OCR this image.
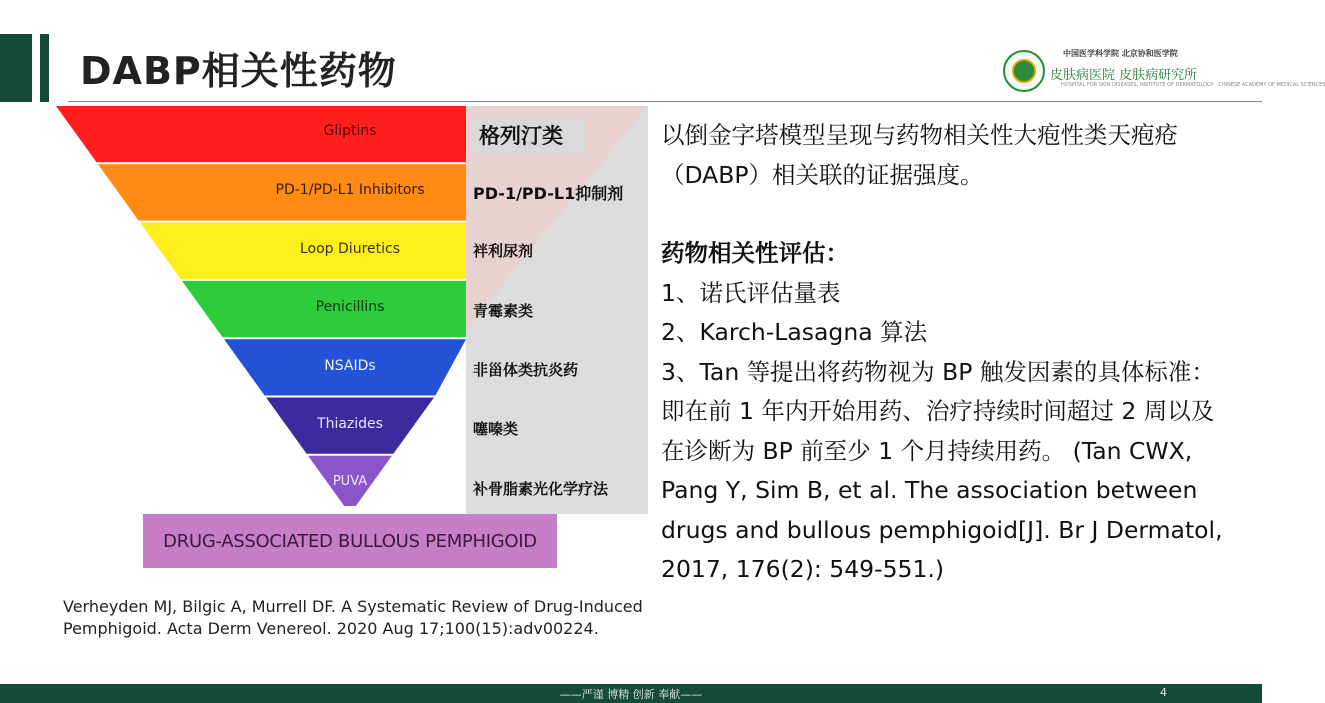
DABP相关性药物	中国医学科学院 北京协和医学院
皮肤病医院 皮肤病研究所
HOSPITAL FOR SKIN DISEASES, INSTITUTE OF DERMATOLOGY · CHINESE ACADEMY OF MEDICAL SCIENCES
格列汀类
PD-1/PD-L1抑制剂
袢利尿剂
青霉素类
非甾体类抗炎药
噻嗪类
补骨脂素光化学疗法
Gliptins
PD-1/PD-L1 Inhibitors
Loop Diuretics
Penicillins
NSAIDs
Thiazides
PUVA
DRUG-ASSOCIATED BULLOUS PEMPHIGOID
Verheyden MJ, Bilgic A, Murrell DF. A Systematic Review of Drug-Induced Pemphigoid. Acta Derm Venereol. 2020 Aug 17;100(15):adv00224.

以倒金字塔模型呈现与药物相关性大疱性类天疱疮（DABP）相关联的证据强度。

药物相关性评估：

1、诺氏评估量表

2、Karch-Lasagna 算法

3、Tan 等提出将药物视为 BP 触发因素的具体标准：即在前 1 年内开始用药、治疗持续时间超过 2 周以及在诊断为 BP 前至少 1 个月持续用药。 (Tan CWX, Pang Y, Sim B, et al. The association between drugs and bullous pemphigoid[J]. Br J Dermatol, 2017, 176(2): 549-551.)

——严谨 博精 创新 奉献——	4
